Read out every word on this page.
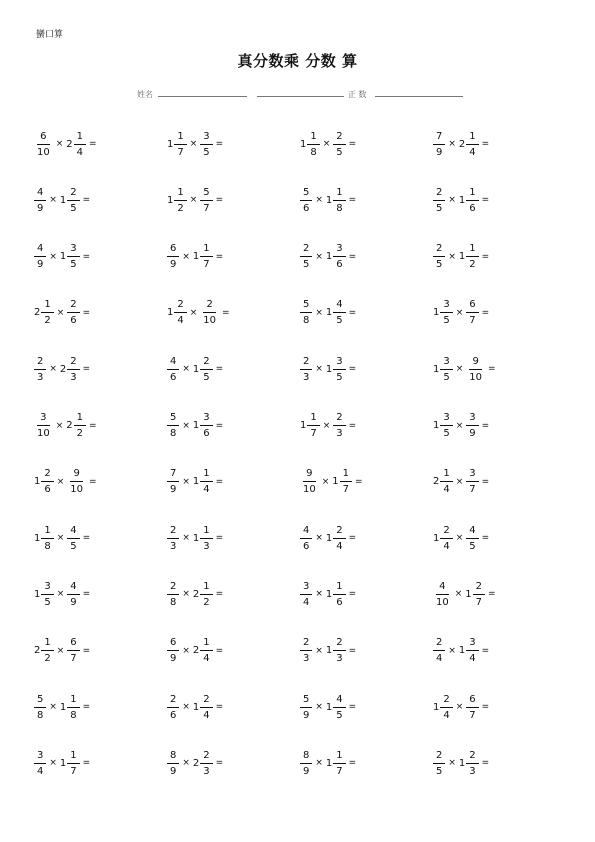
蠻口算
真分数乘 分数 算
姓名	正 数
$\frac{6}{10} \times 2 \frac{1}{4}$ =	$1 \frac{1}{7} \times \frac{3}{5}$ =	$1 \frac{1}{8} \times \frac{2}{5}$ =	$\frac{7}{9} \times 2 \frac{1}{4}$ =
$\frac{4}{9} \times 1 \frac{2}{5}$ =	$1 \frac{1}{2} \times \frac{5}{7}$ =	$\frac{5}{6} \times 1 \frac{1}{8}$ =	$\frac{2}{5} \times 1 \frac{1}{6}$ =
$\frac{4}{9} \times 1 \frac{3}{5}$ =	$\frac{6}{9} \times 1 \frac{1}{7}$ =	$\frac{2}{5} \times 1 \frac{3}{6}$ =	$\frac{2}{5} \times 1 \frac{1}{2}$ =
$2 \frac{1}{2} \times \frac{2}{6}$ =	$1 \frac{2}{4} \times \frac{2}{10}$ =	$\frac{5}{8} \times 1 \frac{4}{5}$ =	$1 \frac{3}{5} \times \frac{6}{7}$ =
$\frac{2}{3} \times 2 \frac{2}{3}$ =	$\frac{4}{6} \times 1 \frac{2}{5}$ =	$\frac{2}{3} \times 1 \frac{3}{5}$ =	$1 \frac{3}{5} \times \frac{9}{10}$ =
$\frac{3}{10} \times 2 \frac{1}{2}$ =	$\frac{5}{8} \times 1 \frac{3}{6}$ =	$1 \frac{1}{7} \times \frac{2}{3}$ =	$1 \frac{3}{5} \times \frac{3}{9}$ =
$1 \frac{2}{6} \times \frac{9}{10}$ =	$\frac{7}{9} \times 1 \frac{1}{4}$ =	$\frac{9}{10} \times 1 \frac{1}{7}$ =	$2 \frac{1}{4} \times \frac{3}{7}$ =
$1 \frac{1}{8} \times \frac{4}{5}$ =	$\frac{2}{3} \times 1 \frac{1}{3}$ =	$\frac{4}{6} \times 1 \frac{2}{4}$ =	$1 \frac{2}{4} \times \frac{4}{5}$ =
$1 \frac{3}{5} \times \frac{4}{9}$ =	$\frac{2}{8} \times 2 \frac{1}{2}$ =	$\frac{3}{4} \times 1 \frac{1}{6}$ =	$\frac{4}{10} \times 1 \frac{2}{7}$ =
$2 \frac{1}{2} \times \frac{6}{7}$ =	$\frac{6}{9} \times 2 \frac{1}{4}$ =	$\frac{2}{3} \times 1 \frac{2}{3}$ =	$\frac{2}{4} \times 1 \frac{3}{4}$ =
$\frac{5}{8} \times 1 \frac{1}{8}$ =	$\frac{2}{6} \times 1 \frac{2}{4}$ =	$\frac{5}{9} \times 1 \frac{4}{5}$ =	$1 \frac{2}{4} \times \frac{6}{7}$ =
$\frac{3}{4} \times 1 \frac{1}{7}$ =	$\frac{8}{9} \times 2 \frac{2}{3}$ =	$\frac{8}{9} \times 1 \frac{1}{7}$ =	$\frac{2}{5} \times 1 \frac{2}{3}$ =
